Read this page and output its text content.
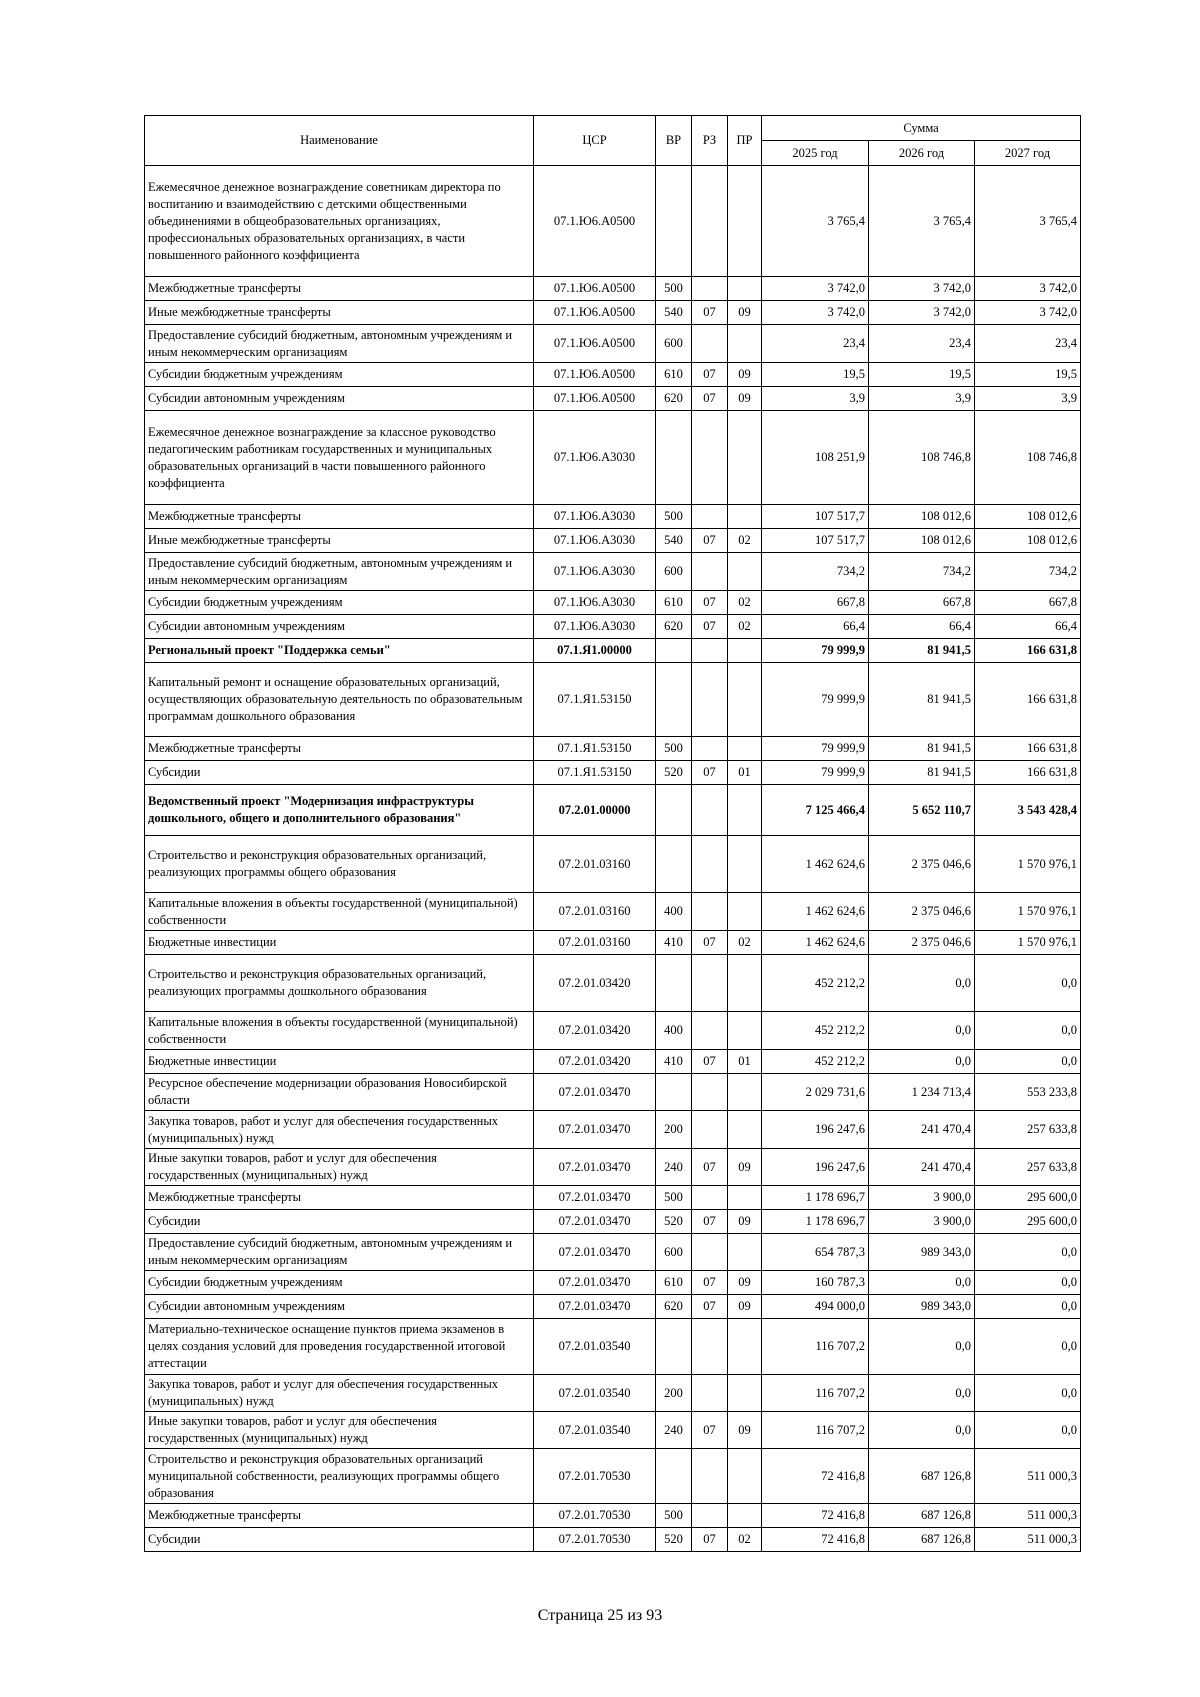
Наименование	ЦСР	ВР	РЗ	ПР	Сумма		
					2025 год	2026 год	2027 год
Ежемесячное денежное вознаграждение советникам директора по воспитанию и взаимодействию с детскими общественными объединениями в общеобразовательных организациях, профессиональных образовательных организациях, в части повышенного районного коэффициента	07.1.Ю6.А0500				3 765,4	3 765,4	3 765,4
Межбюджетные трансферты	07.1.Ю6.А0500	500			3 742,0	3 742,0	3 742,0
Иные межбюджетные трансферты	07.1.Ю6.А0500	540	07	09	3 742,0	3 742,0	3 742,0
Предоставление субсидий бюджетным, автономным учреждениям и иным некоммерческим организациям	07.1.Ю6.А0500	600			23,4	23,4	23,4
Субсидии бюджетным учреждениям	07.1.Ю6.А0500	610	07	09	19,5	19,5	19,5
Субсидии автономным учреждениям	07.1.Ю6.А0500	620	07	09	3,9	3,9	3,9
Ежемесячное денежное вознаграждение за классное руководство педагогическим работникам государственных и муниципальных образовательных организаций в части повышенного районного коэффициента	07.1.Ю6.А3030				108 251,9	108 746,8	108 746,8
Межбюджетные трансферты	07.1.Ю6.А3030	500			107 517,7	108 012,6	108 012,6
Иные межбюджетные трансферты	07.1.Ю6.А3030	540	07	02	107 517,7	108 012,6	108 012,6
Предоставление субсидий бюджетным, автономным учреждениям и иным некоммерческим организациям	07.1.Ю6.А3030	600			734,2	734,2	734,2
Субсидии бюджетным учреждениям	07.1.Ю6.А3030	610	07	02	667,8	667,8	667,8
Субсидии автономным учреждениям	07.1.Ю6.А3030	620	07	02	66,4	66,4	66,4
Региональный проект "Поддержка семьи"	07.1.Я1.00000				79 999,9	81 941,5	166 631,8
Капитальный ремонт и оснащение образовательных организаций, осуществляющих образовательную деятельность по образовательным программам дошкольного образования	07.1.Я1.53150				79 999,9	81 941,5	166 631,8
Межбюджетные трансферты	07.1.Я1.53150	500			79 999,9	81 941,5	166 631,8
Субсидии	07.1.Я1.53150	520	07	01	79 999,9	81 941,5	166 631,8
Ведомственный проект "Модернизация инфраструктуры дошкольного, общего и дополнительного образования"	07.2.01.00000				7 125 466,4	5 652 110,7	3 543 428,4
Строительство и реконструкция образовательных организаций, реализующих программы общего образования	07.2.01.03160				1 462 624,6	2 375 046,6	1 570 976,1
Капитальные вложения в объекты государственной (муниципальной) собственности	07.2.01.03160	400			1 462 624,6	2 375 046,6	1 570 976,1
Бюджетные инвестиции	07.2.01.03160	410	07	02	1 462 624,6	2 375 046,6	1 570 976,1
Строительство и реконструкция образовательных организаций, реализующих программы дошкольного образования	07.2.01.03420				452 212,2	0,0	0,0
Капитальные вложения в объекты государственной (муниципальной) собственности	07.2.01.03420	400			452 212,2	0,0	0,0
Бюджетные инвестиции	07.2.01.03420	410	07	01	452 212,2	0,0	0,0
Ресурсное обеспечение модернизации образования Новосибирской области	07.2.01.03470				2 029 731,6	1 234 713,4	553 233,8
Закупка товаров, работ и услуг для обеспечения государственных (муниципальных) нужд	07.2.01.03470	200			196 247,6	241 470,4	257 633,8
Иные закупки товаров, работ и услуг для обеспечения государственных (муниципальных) нужд	07.2.01.03470	240	07	09	196 247,6	241 470,4	257 633,8
Межбюджетные трансферты	07.2.01.03470	500			1 178 696,7	3 900,0	295 600,0
Субсидии	07.2.01.03470	520	07	09	1 178 696,7	3 900,0	295 600,0
Предоставление субсидий бюджетным, автономным учреждениям и иным некоммерческим организациям	07.2.01.03470	600			654 787,3	989 343,0	0,0
Субсидии бюджетным учреждениям	07.2.01.03470	610	07	09	160 787,3	0,0	0,0
Субсидии автономным учреждениям	07.2.01.03470	620	07	09	494 000,0	989 343,0	0,0
Материально-техническое оснащение пунктов приема экзаменов в целях создания условий для проведения государственной итоговой аттестации	07.2.01.03540				116 707,2	0,0	0,0
Закупка товаров, работ и услуг для обеспечения государственных (муниципальных) нужд	07.2.01.03540	200			116 707,2	0,0	0,0
Иные закупки товаров, работ и услуг для обеспечения государственных (муниципальных) нужд	07.2.01.03540	240	07	09	116 707,2	0,0	0,0
Строительство и реконструкция образовательных организаций муниципальной собственности, реализующих программы общего образования	07.2.01.70530				72 416,8	687 126,8	511 000,3
Межбюджетные трансферты	07.2.01.70530	500			72 416,8	687 126,8	511 000,3
Субсидии	07.2.01.70530	520	07	02	72 416,8	687 126,8	511 000,3
Страница 25 из 93
